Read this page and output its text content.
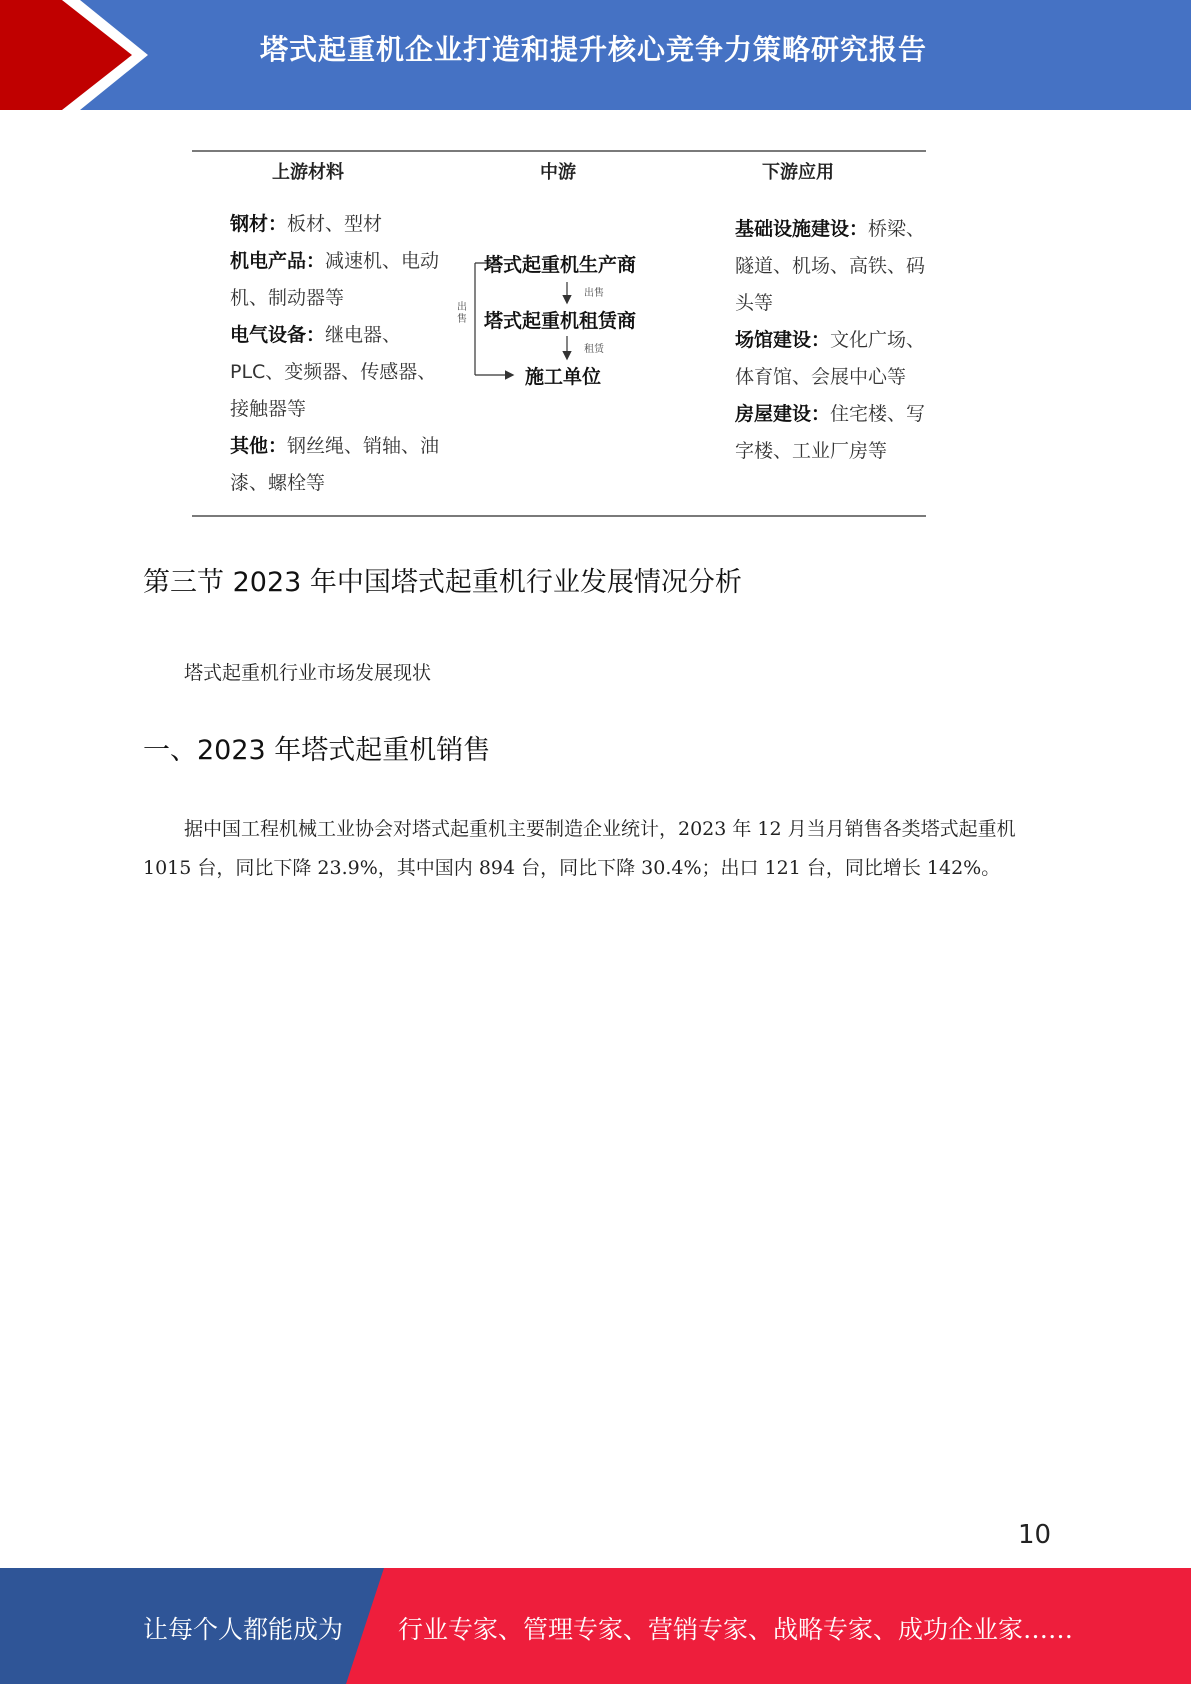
塔式起重机企业打造和提升核心竞争力策略研究报告
上游材料	中游	下游应用
钢材：板材、型材
机电产品：减速机、电动机、制动器等
电气设备：继电器、PLC、变频器、传感器、接触器等
其他：钢丝绳、销轴、油漆、螺栓等
塔式起重机生产商
出售
塔式起重机租赁商
租赁
施工单位
出售
基础设施建设：桥梁、隧道、机场、高铁、码头等
场馆建设：文化广场、体育馆、会展中心等
房屋建设：住宅楼、写字楼、工业厂房等
第三节 2023 年中国塔式起重机行业发展情况分析
塔式起重机行业市场发展现状
一、2023 年塔式起重机销售

据中国工程机械工业协会对塔式起重机主要制造企业统计，2023 年 12 月当月销售各类塔式起重机 1015 台，同比下降 23.9%，其中国内 894 台，同比下降 30.4%；出口 121 台，同比增长 142%。

10
让每个人都能成为 行业专家、管理专家、营销专家、战略专家、成功企业家……
